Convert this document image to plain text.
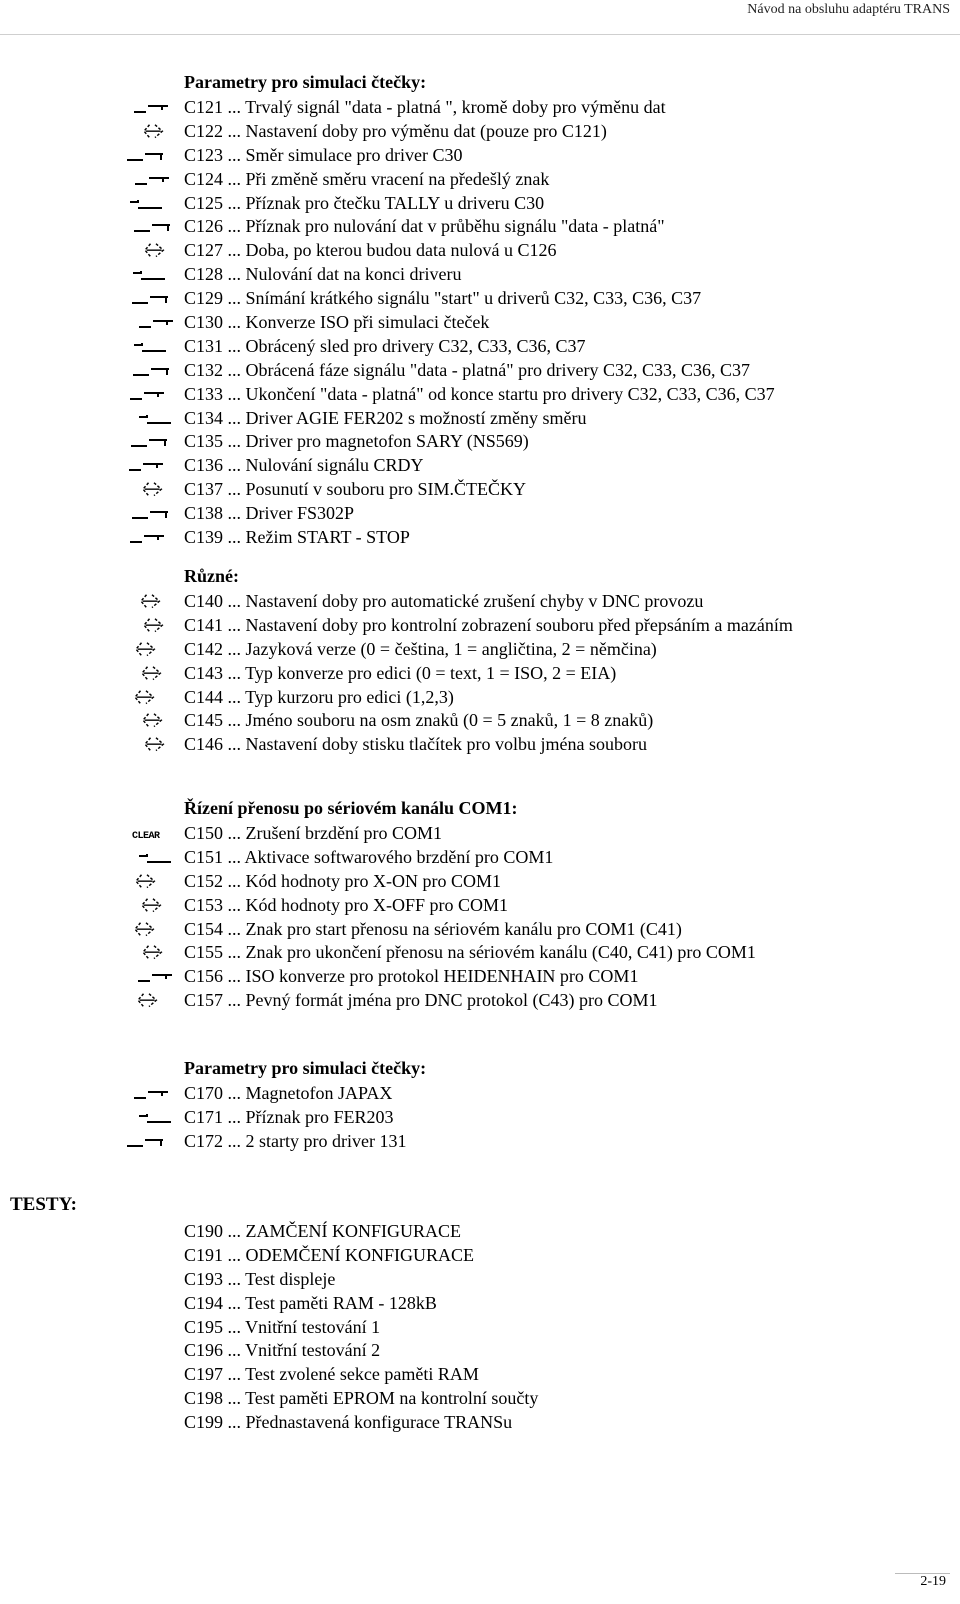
Návod na obsluhu adaptéru TRANS
Parametry pro simulaci čtečky:
C121 ... Trvalý signál "data - platná ", kromě doby pro výměnu dat
C122 ... Nastavení doby pro výměnu dat (pouze pro C121)
C123 ... Směr simulace pro driver C30
C124 ... Při změně směru vracení na předešlý znak
C125 ... Příznak pro čtečku TALLY u driveru C30
C126 ... Příznak pro nulování dat v průběhu signálu "data - platná"
C127 ... Doba, po kterou budou data nulová u C126
C128 ... Nulování dat na konci driveru
C129 ... Snímání krátkého signálu "start" u driverů C32, C33, C36, C37
C130 ... Konverze ISO při simulaci čteček
C131 ... Obrácený sled pro drivery C32, C33, C36, C37
C132 ... Obrácená fáze signálu "data - platná" pro drivery C32, C33, C36, C37
C133 ... Ukončení "data - platná" od konce startu pro drivery C32, C33, C36, C37
C134 ... Driver AGIE FER202 s možností změny směru
C135 ... Driver pro magnetofon SARY (NS569)
C136 ... Nulování signálu CRDY
C137 ... Posunutí v souboru pro SIM.ČTEČKY
C138 ... Driver FS302P
C139 ... Režim START - STOP
Různé:
C140 ... Nastavení doby pro automatické zrušení chyby v DNC provozu
C141 ... Nastavení doby pro kontrolní zobrazení souboru před přepsáním a mazáním
C142 ... Jazyková verze (0 = čeština, 1 = angličtina, 2 = němčina)
C143 ... Typ konverze pro edici (0 = text, 1 = ISO, 2 = EIA)
C144 ... Typ kurzoru pro edici (1,2,3)
C145 ... Jméno souboru na osm znaků (0 = 5 znaků, 1 = 8 znaků)
C146 ... Nastavení doby stisku tlačítek pro volbu jména souboru
Řízení přenosu po sériovém kanálu COM1:
CLEAR C150 ... Zrušení brzdění pro COM1
C151 ... Aktivace softwarového brzdění pro COM1
C152 ... Kód hodnoty pro X-ON pro COM1
C153 ... Kód hodnoty pro X-OFF pro COM1
C154 ... Znak pro start přenosu na sériovém kanálu pro COM1 (C41)
C155 ... Znak pro ukončení přenosu na sériovém kanálu (C40, C41) pro COM1
C156 ... ISO konverze pro protokol HEIDENHAIN pro COM1
C157 ... Pevný formát jména pro DNC protokol (C43) pro COM1
Parametry pro simulaci čtečky:
C170 ... Magnetofon JAPAX
C171 ... Příznak pro FER203
C172 ... 2 starty pro driver 131
TESTY:
C190 ... ZAMČENÍ KONFIGURACE
C191 ... ODEMČENÍ KONFIGURACE
C193 ... Test displeje
C194 ... Test paměti RAM - 128kB
C195 ... Vnitřní testování 1
C196 ... Vnitřní testování 2
C197 ... Test zvolené sekce paměti RAM
C198 ... Test paměti EPROM na kontrolní součty
C199 ... Přednastavená konfigurace TRANSu
2-19
